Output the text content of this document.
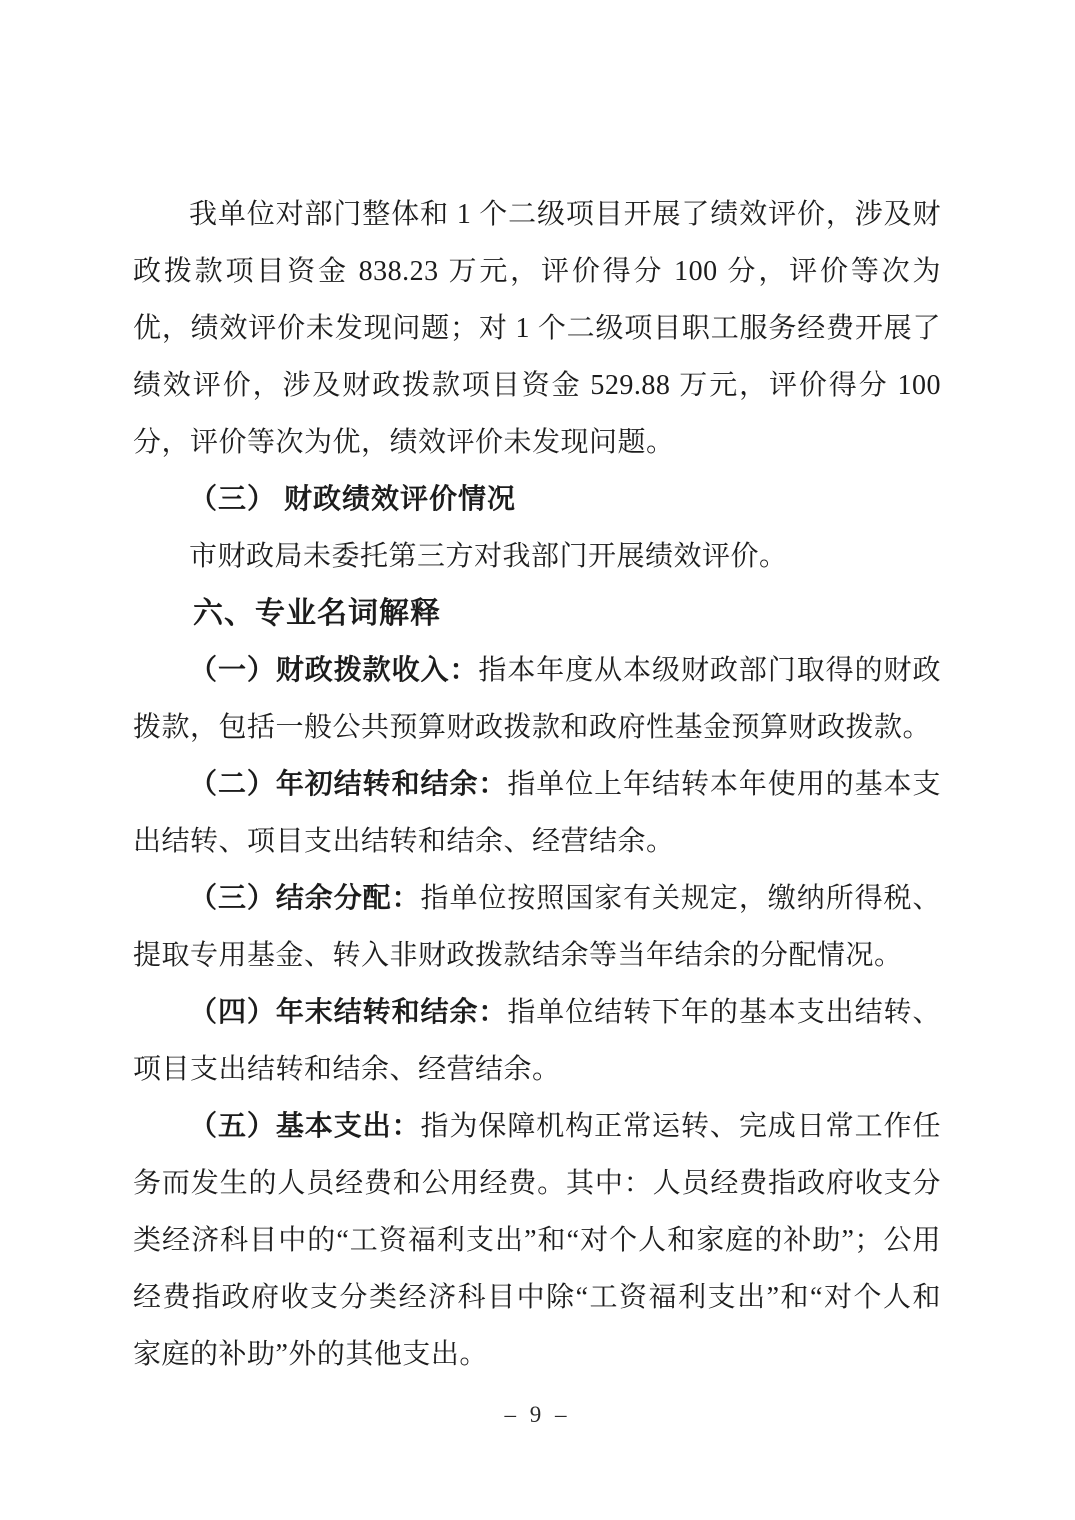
我单位对部门整体和 1 个二级项目开展了绩效评价，涉及财政拨款项目资金 838.23 万元，评价得分 100 分，评价等次为优，绩效评价未发现问题；对 1 个二级项目职工服务经费开展了绩效评价，涉及财政拨款项目资金 529.88 万元，评价得分 100 分，评价等次为优，绩效评价未发现问题。

（三） 财政绩效评价情况

市财政局未委托第三方对我部门开展绩效评价。

六、专业名词解释

（一）财政拨款收入：指本年度从本级财政部门取得的财政拨款，包括一般公共预算财政拨款和政府性基金预算财政拨款。

（二）年初结转和结余：指单位上年结转本年使用的基本支出结转、项目支出结转和结余、经营结余。

（三）结余分配：指单位按照国家有关规定，缴纳所得税、提取专用基金、转入非财政拨款结余等当年结余的分配情况。

（四）年末结转和结余：指单位结转下年的基本支出结转、项目支出结转和结余、经营结余。

（五）基本支出：指为保障机构正常运转、完成日常工作任务而发生的人员经费和公用经费。其中：人员经费指政府收支分类经济科目中的“工资福利支出”和“对个人和家庭的补助”；公用经费指政府收支分类经济科目中除“工资福利支出”和“对个人和家庭的补助”外的其他支出。

– 9 –
